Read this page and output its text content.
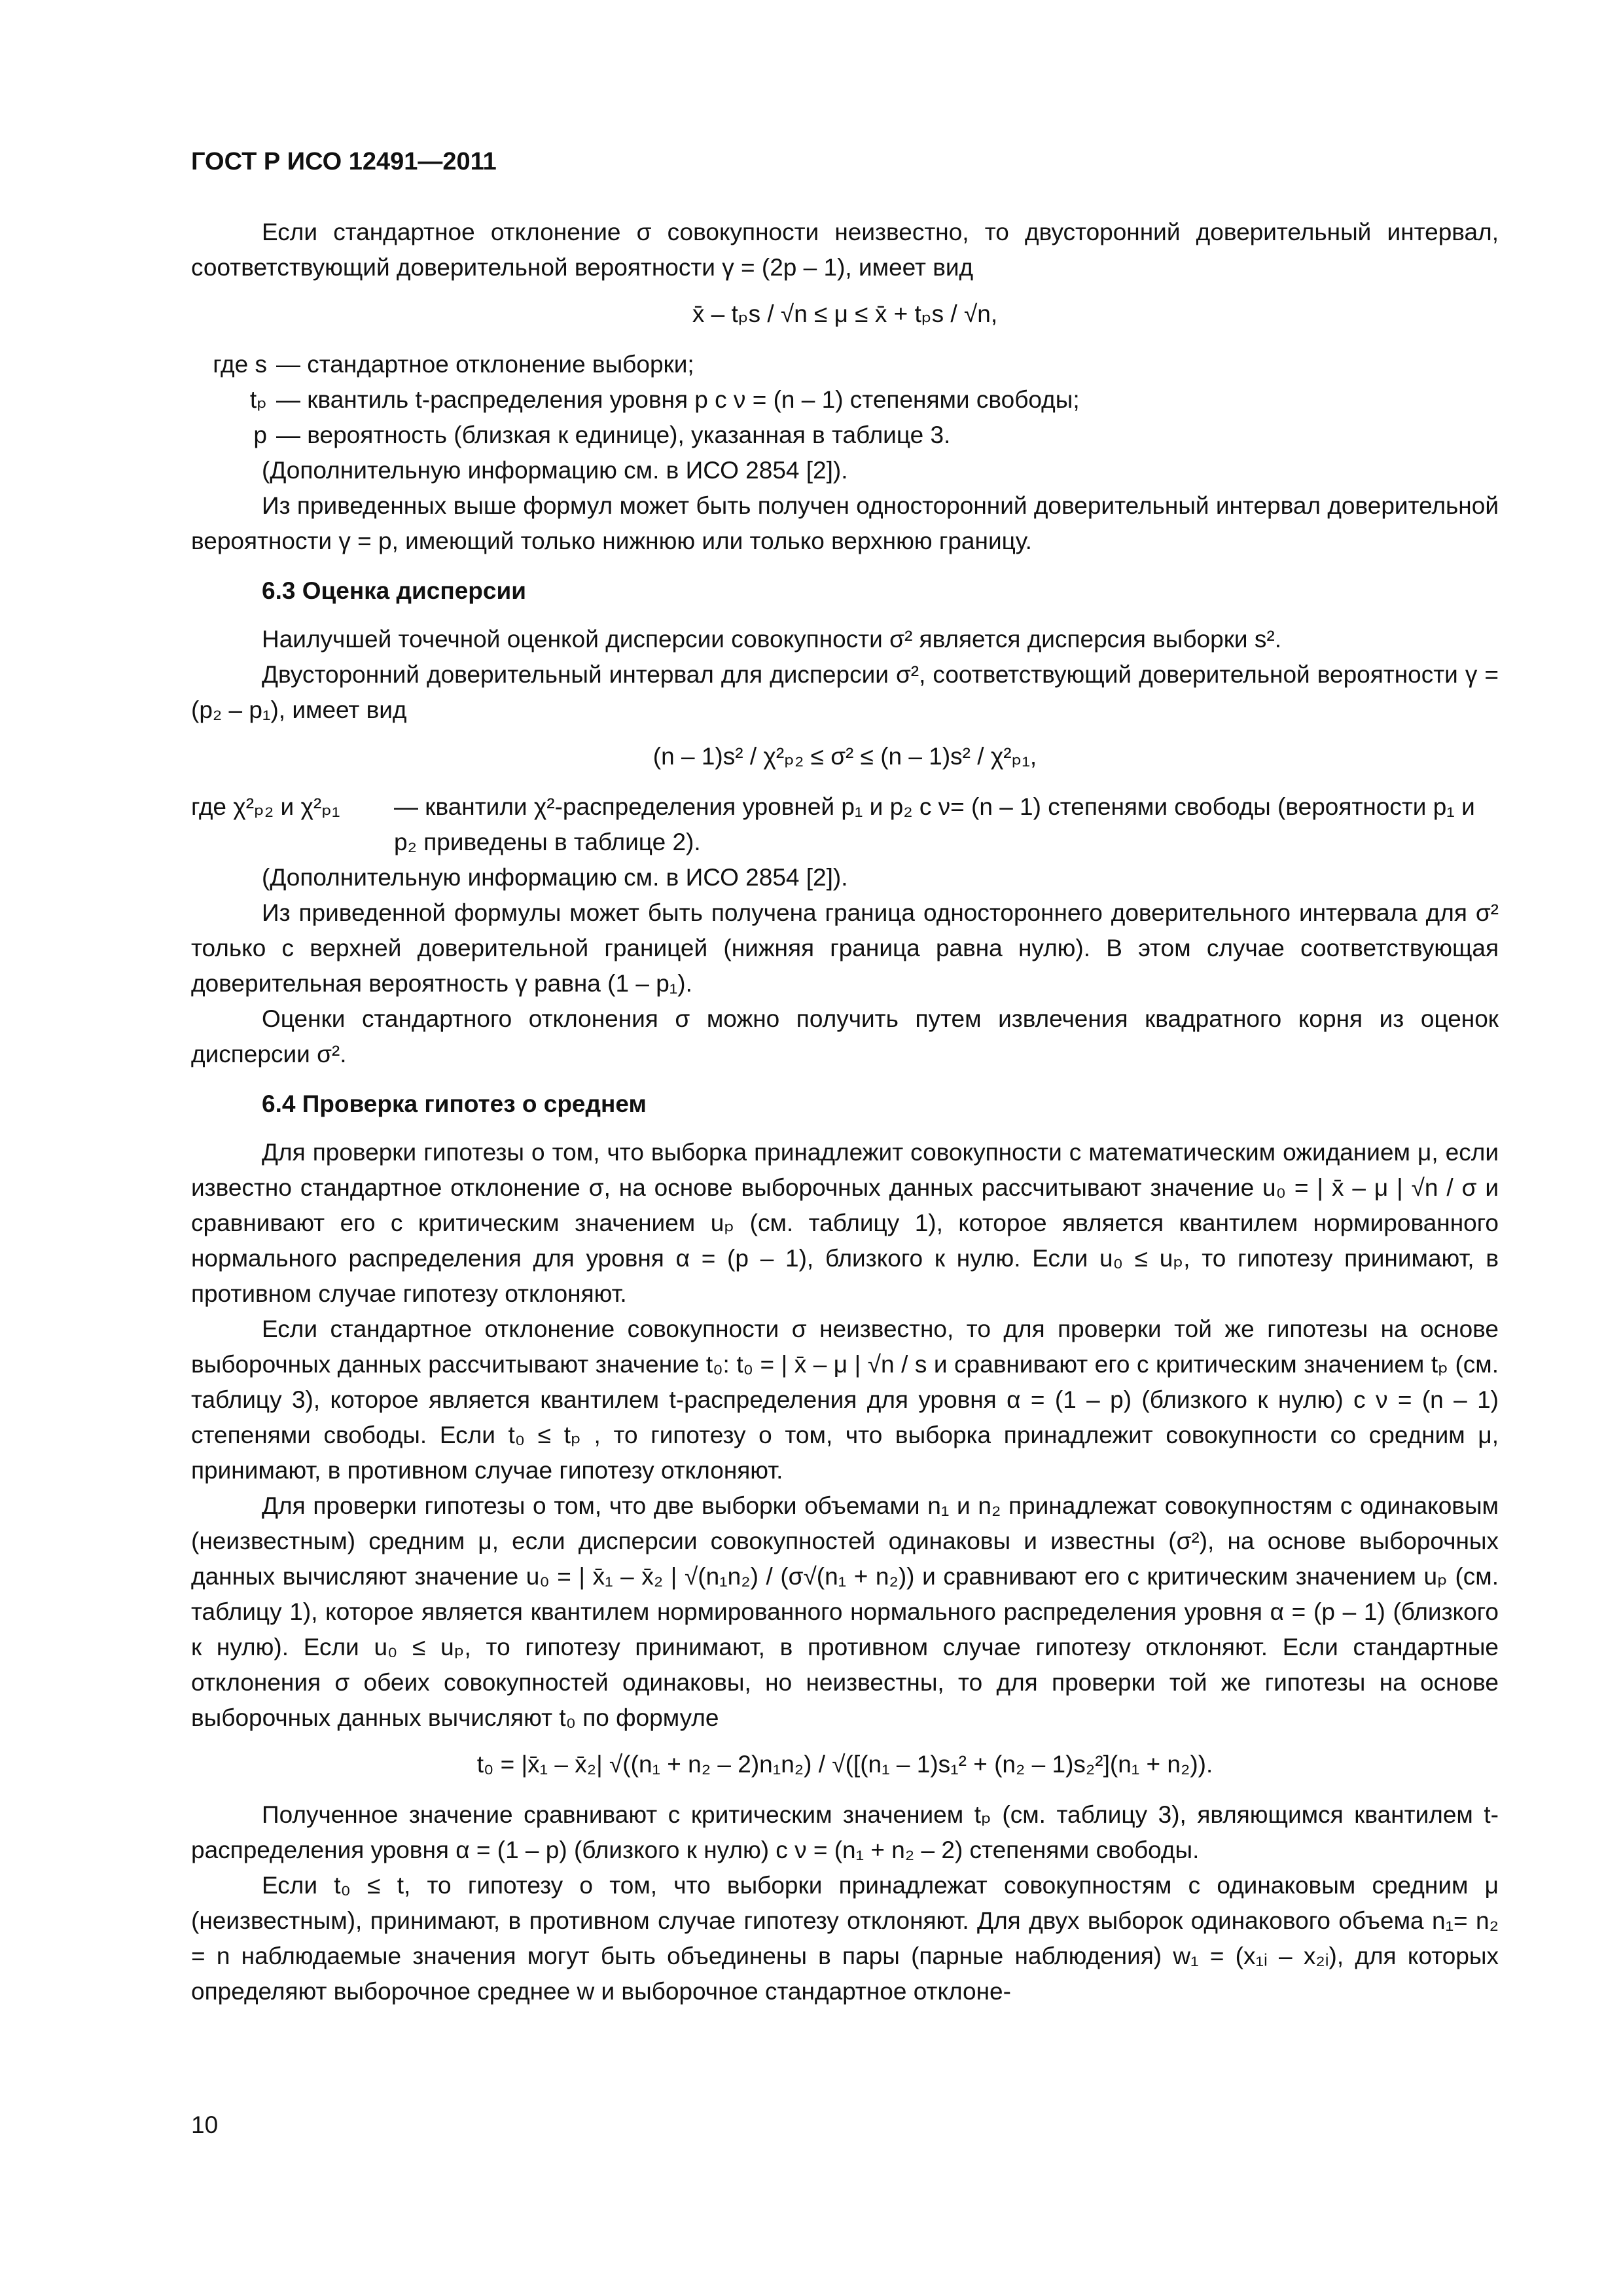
ГОСТ Р ИСО 12491—2011

Если стандартное отклонение σ совокупности неизвестно, то двусторонний доверительный интервал, соответствующий доверительной вероятности γ = (2p – 1), имеет вид

x̄ – tₚs / √n ≤ μ ≤ x̄ + tₚs / √n,
где s — стандартное отклонение выборки;
tₚ — квантиль t-распределения уровня p с ν = (n – 1) степенями свободы;
p — вероятность (близкая к единице), указанная в таблице 3.

(Дополнительную информацию см. в ИСО 2854 [2]).

Из приведенных выше формул может быть получен односторонний доверительный интервал доверительной вероятности γ = p, имеющий только нижнюю или только верхнюю границу.

6.3 Оценка дисперсии

Наилучшей точечной оценкой дисперсии совокупности σ² является дисперсия выборки s².

Двусторонний доверительный интервал для дисперсии σ², соответствующий доверительной вероятности γ = (p₂ – p₁), имеет вид

(n – 1)s² / χ²ₚ₂ ≤ σ² ≤ (n – 1)s² / χ²ₚ₁,
где χ²ₚ₂ и χ²ₚ₁	— квантили χ²-распределения уровней p₁ и p₂ с ν= (n – 1) степенями свободы (вероятности p₁ и p₂ приведены в таблице 2).

(Дополнительную информацию см. в ИСО 2854 [2]).

Из приведенной формулы может быть получена граница одностороннего доверительного интервала для σ² только с верхней доверительной границей (нижняя граница равна нулю). В этом случае соответствующая доверительная вероятность γ равна (1 – p₁).

Оценки стандартного отклонения σ можно получить путем извлечения квадратного корня из оценок дисперсии σ².

6.4 Проверка гипотез о среднем

Для проверки гипотезы о том, что выборка принадлежит совокупности с математическим ожиданием μ, если известно стандартное отклонение σ, на основе выборочных данных рассчитывают значение u₀ = | x̄ – μ | √n / σ и сравнивают его с критическим значением uₚ (см. таблицу 1), которое является квантилем нормированного нормального распределения для уровня α = (p – 1), близкого к нулю. Если u₀ ≤ uₚ, то гипотезу принимают, в противном случае гипотезу отклоняют.

Если стандартное отклонение совокупности σ неизвестно, то для проверки той же гипотезы на основе выборочных данных рассчитывают значение t₀: t₀ = | x̄ – μ | √n / s и сравнивают его с критическим значением tₚ (см. таблицу 3), которое является квантилем t-распределения для уровня α = (1 – p) (близкого к нулю) с ν = (n – 1) степенями свободы. Если t₀ ≤ tₚ , то гипотезу о том, что выборка принадлежит совокупности со средним μ, принимают, в противном случае гипотезу отклоняют.

Для проверки гипотезы о том, что две выборки объемами n₁ и n₂ принадлежат совокупностям с одинаковым (неизвестным) средним μ, если дисперсии совокупностей одинаковы и известны (σ²), на основе выборочных данных вычисляют значение u₀ = | x̄₁ – x̄₂ | √(n₁n₂) / (σ√(n₁ + n₂)) и сравнивают его с критическим значением uₚ (см. таблицу 1), которое является квантилем нормированного нормального распределения уровня α = (p – 1) (близкого к нулю). Если u₀ ≤ uₚ, то гипотезу принимают, в противном случае гипотезу отклоняют. Если стандартные отклонения σ обеих совокупностей одинаковы, но неизвестны, то для проверки той же гипотезы на основе выборочных данных вычисляют t₀ по формуле

t₀ = |x̄₁ – x̄₂| √((n₁ + n₂ – 2)n₁n₂) / √([(n₁ – 1)s₁² + (n₂ – 1)s₂²](n₁ + n₂)).

Полученное значение сравнивают с критическим значением tₚ (см. таблицу 3), являющимся квантилем t-распределения уровня α = (1 – p) (близкого к нулю) с ν = (n₁ + n₂ – 2) степенями свободы.

Если t₀ ≤ t, то гипотезу о том, что выборки принадлежат совокупностям с одинаковым средним μ (неизвестным), принимают, в противном случае гипотезу отклоняют. Для двух выборок одинакового объема n₁= n₂ = n наблюдаемые значения могут быть объединены в пары (парные наблюдения) w₁ = (x₁ᵢ – x₂ᵢ), для которых определяют выборочное среднее w и выборочное стандартное отклоне-

10
